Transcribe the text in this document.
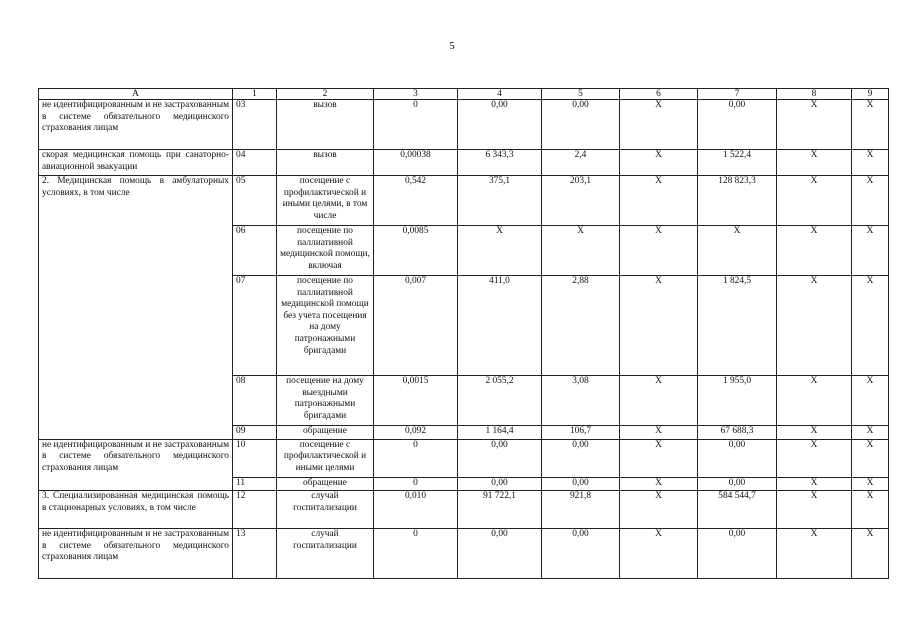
5
А	1	2	3	4	5	6	7	8	9
не идентифицированным и не застрахованным в системе обязательного медицинского страхования лицам	03	вызов	0	0,00	0,00	X	0,00	X	X
скорая медицинская помощь при санаторно-авиационной эвакуации	04	вызов	0,00038	6 343,3	2,4	X	1 522,4	X	X
2. Медицинская помощь в амбулаторных условиях, в том числе	05	посещение с профилактической и иными целями, в том числе	0,542	375,1	203,1	X	128 823,3	X	X
	06	посещение по паллиативной медицинской помощи, включая	0,0085	X	X	X	X	X	X
	07	посещение по паллиативной медицинской помощи без учета посещения на дому патронажными бригадами	0,007	411,0	2,88	X	1 824,5	X	X
	08	посещение на дому выездными патронажными бригадами	0,0015	2 055,2	3,08	X	1 955,0	X	X
	09	обращение	0,092	1 164,4	106,7	X	67 688,3	X	X
не идентифицированным и не застрахованным в системе обязательного медицинского страхования лицам	10	посещение с профилактической и иными целями	0	0,00	0,00	X	0,00	X	X
	11	обращение	0	0,00	0,00	X	0,00	X	X
3. Специализированная медицинская помощь в стационарных условиях, в том числе	12	случай госпитализации	0,010	91 722,1	921,8	X	584 544,7	X	X
не идентифицированным и не застрахованным в системе обязательного медицинского страхования лицам	13	случай госпитализации	0	0,00	0,00	X	0,00	X	X
